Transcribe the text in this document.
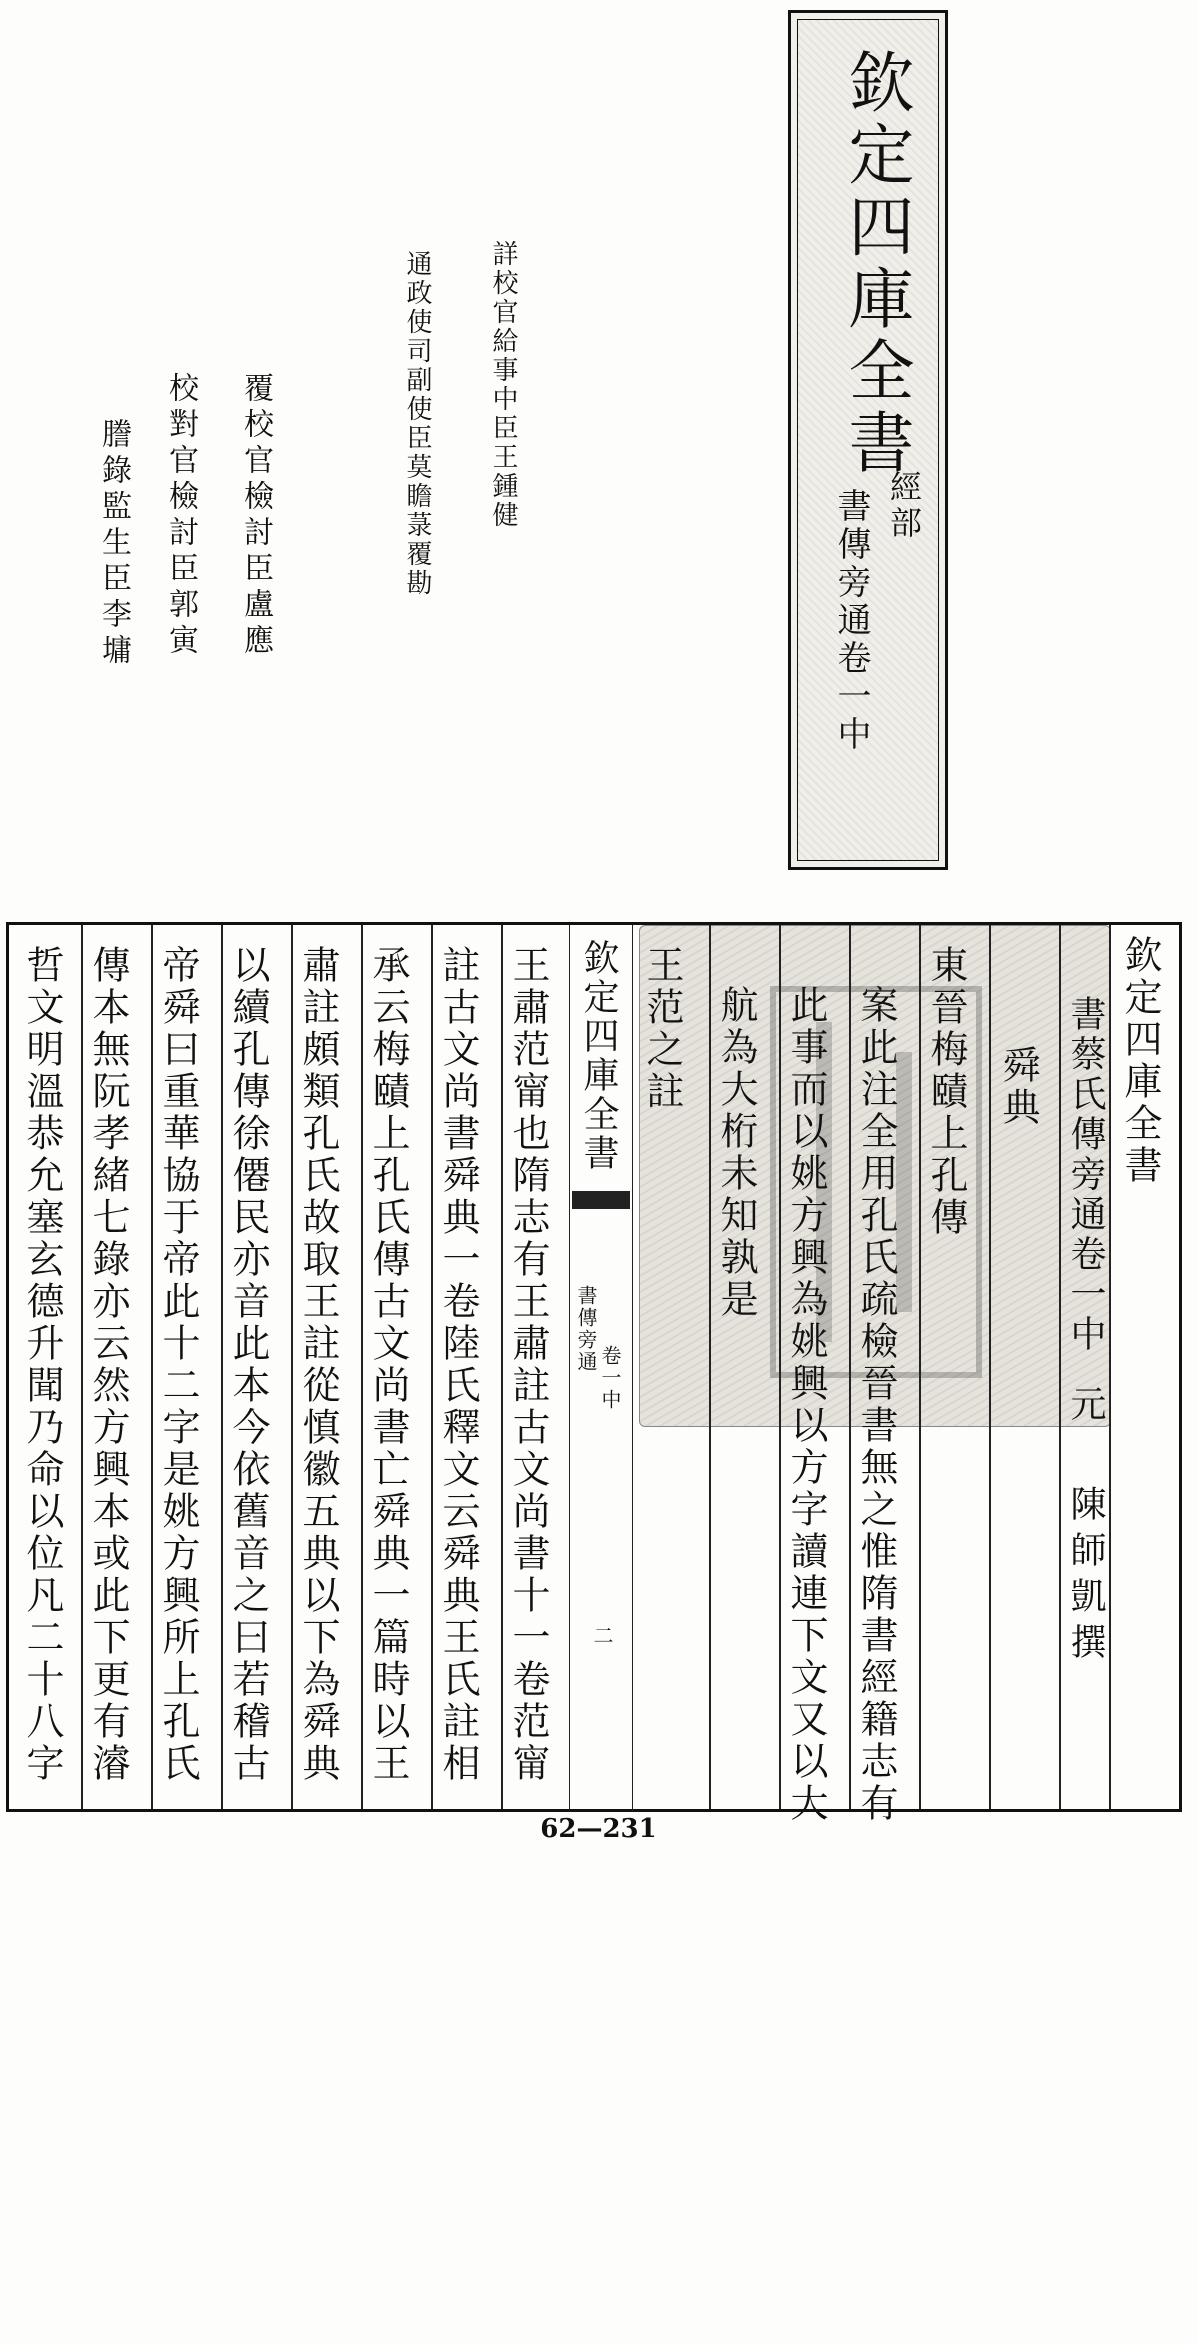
欽定四庫全書
經部
書傳旁通卷一中
詳校官給事中臣王鍾健
通政使司副使臣莫瞻菉覆勘
覆校官檢討臣盧應
校對官檢討臣郭寅
謄錄監生臣李墉
欽定四庫全書
書蔡氏傳旁通卷一中
元
陳師凱撰
舜典
東晉梅賾上孔傳
案此注全用孔氏疏檢晉書無之惟隋書經籍志有
此事而以姚方興為姚興以方字讀連下文又以大
航為大桁未知孰是
王范之註
欽定四庫全書
書傳旁通
卷一中
二
王肅范甯也隋志有王肅註古文尚書十一卷范甯
註古文尚書舜典一卷陸氏釋文云舜典王氏註相
承云梅賾上孔氏傳古文尚書亡舜典一篇時以王
肅註頗類孔氏故取王註從慎徽五典以下為舜典
以續孔傳徐僊民亦音此本今依舊音之曰若稽古
帝舜曰重華協于帝此十二字是姚方興所上孔氏
傳本無阮孝緒七錄亦云然方興本或此下更有濬
哲文明溫恭允塞玄德升聞乃命以位凡二十八字
62—231
